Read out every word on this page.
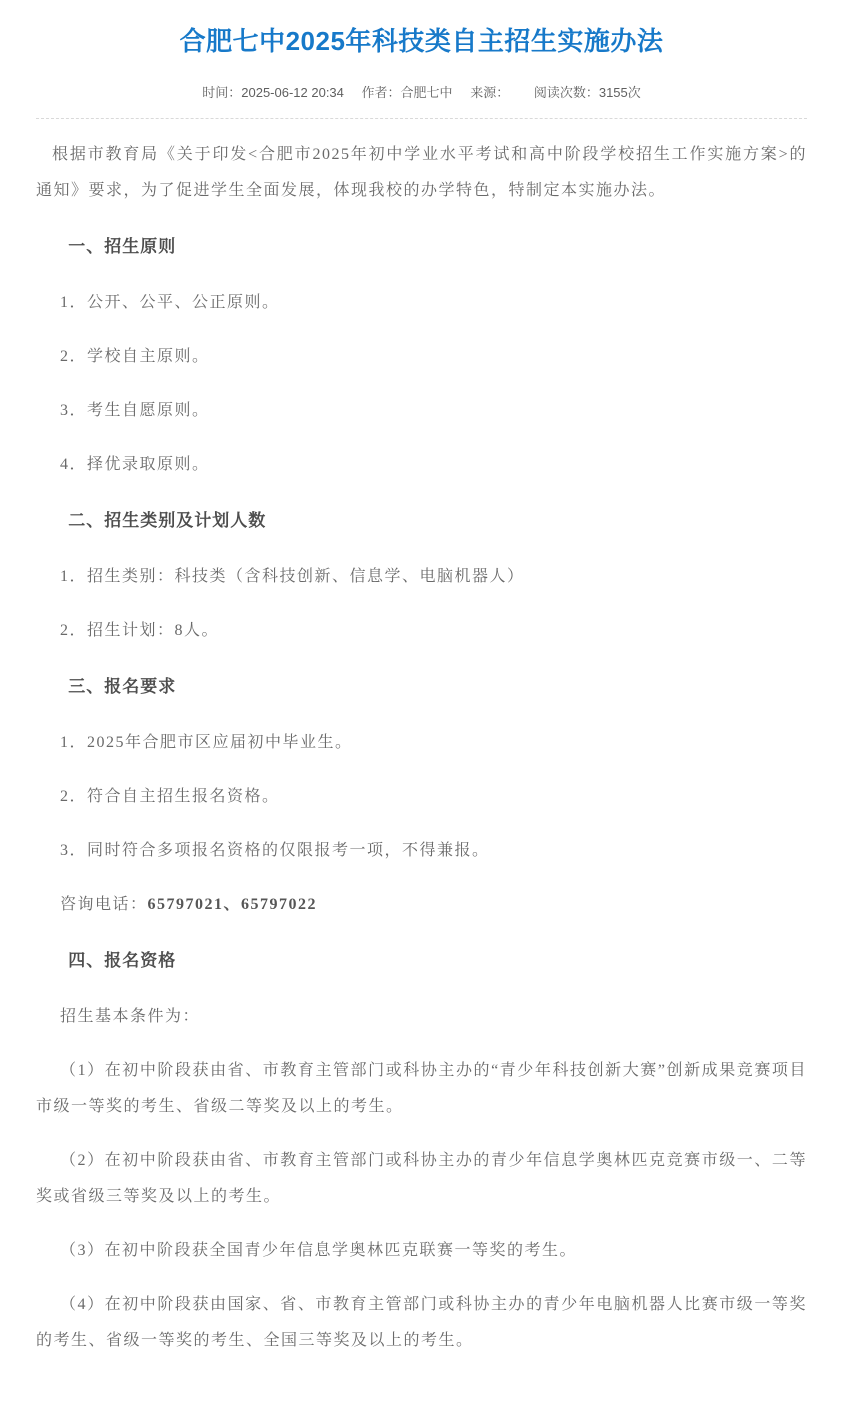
合肥七中2025年科技类自主招生实施办法
时间：2025-06-12 20:34 作者：合肥七中 来源： 阅读次数：3155次

根据市教育局《关于印发<合肥市2025年初中学业水平考试和高中阶段学校招生工作实施方案>的通知》要求，为了促进学生全面发展，体现我校的办学特色，特制定本实施办法。

一、招生原则

1．公开、公平、公正原则。

2．学校自主原则。

3．考生自愿原则。

4．择优录取原则。

二、招生类别及计划人数

1．招生类别：科技类（含科技创新、信息学、电脑机器人）

2．招生计划：8人。

三、报名要求

1．2025年合肥市区应届初中毕业生。

2．符合自主招生报名资格。

3．同时符合多项报名资格的仅限报考一项，不得兼报。

咨询电话：65797021、65797022

四、报名资格

招生基本条件为：

（1）在初中阶段获由省、市教育主管部门或科协主办的“青少年科技创新大赛”创新成果竞赛项目市级一等奖的考生、省级二等奖及以上的考生。

（2）在初中阶段获由省、市教育主管部门或科协主办的青少年信息学奥林匹克竞赛市级一、二等奖或省级三等奖及以上的考生。

（3）在初中阶段获全国青少年信息学奥林匹克联赛一等奖的考生。

（4）在初中阶段获由国家、省、市教育主管部门或科协主办的青少年电脑机器人比赛市级一等奖的考生、省级一等奖的考生、全国三等奖及以上的考生。
